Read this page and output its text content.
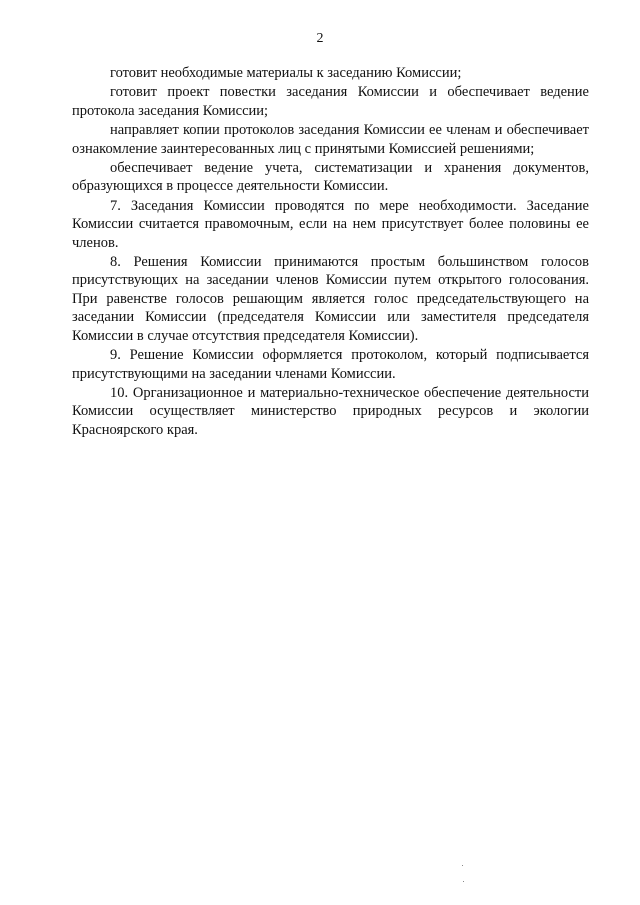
2

готовит необходимые материалы к заседанию Комиссии;

готовит проект повестки заседания Комиссии и обеспечивает ведение протокола заседания Комиссии;

направляет копии протоколов заседания Комиссии ее членам и обеспечивает ознакомление заинтересованных лиц с принятыми Комиссией решениями;

обеспечивает ведение учета, систематизации и хранения документов, образующихся в процессе деятельности Комиссии.

7. Заседания Комиссии проводятся по мере необходимости. Заседание Комиссии считается правомочным, если на нем присутствует более половины ее членов.

8. Решения Комиссии принимаются простым большинством голосов присутствующих на заседании членов Комиссии путем открытого голосования. При равенстве голосов решающим является голос председательствующего на заседании Комиссии (председателя Комиссии или заместителя председателя Комиссии в случае отсутствия председателя Комиссии).

9. Решение Комиссии оформляется протоколом, который подписывается присутствующими на заседании членами Комиссии.

10. Организационное и материально-техническое обеспечение деятельности Комиссии осуществляет министерство природных ресурсов и экологии Красноярского края.
